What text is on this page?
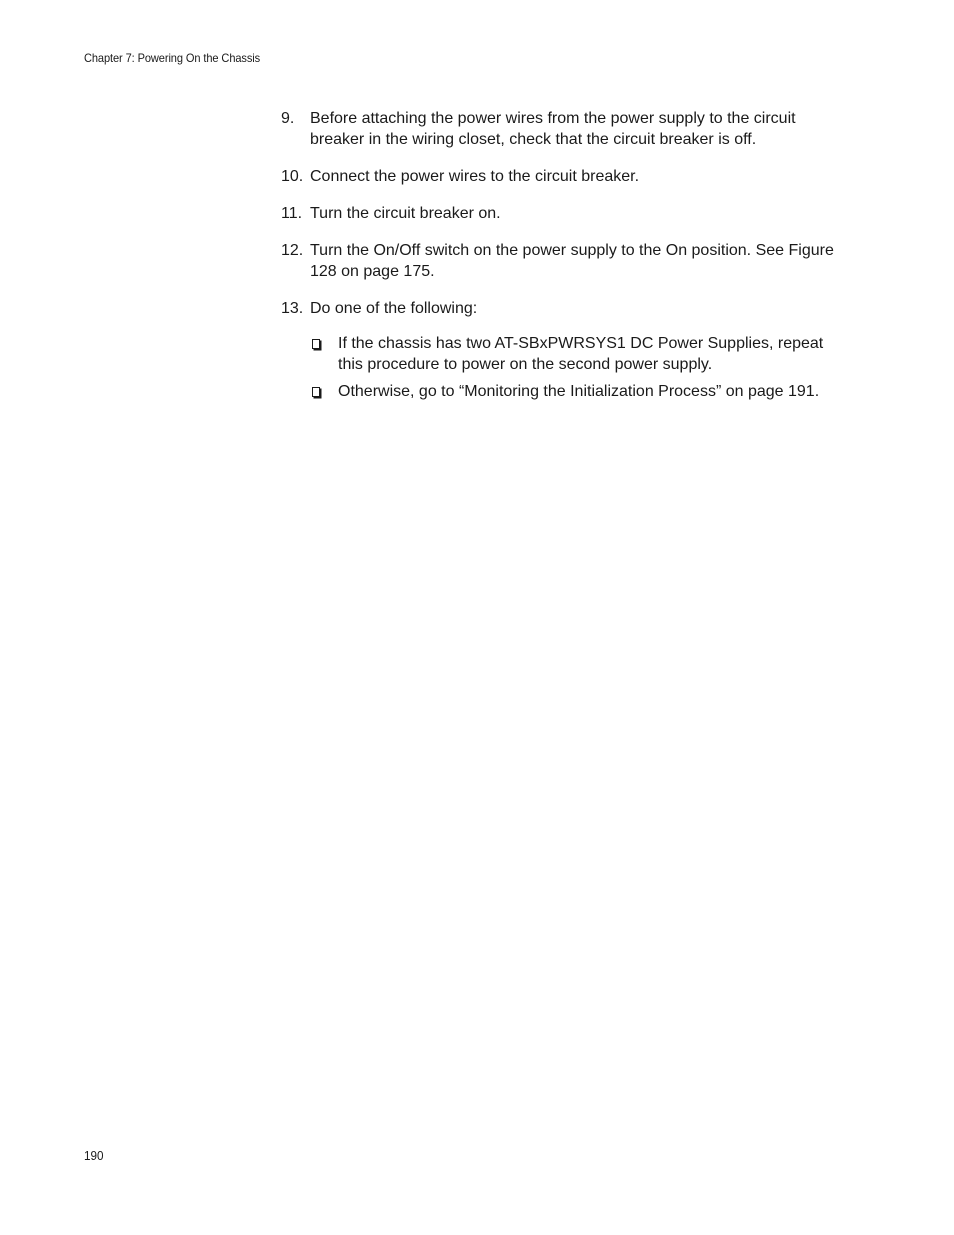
Chapter 7: Powering On the Chassis
9. Before attaching the power wires from the power supply to the circuit breaker in the wiring closet, check that the circuit breaker is off.
10. Connect the power wires to the circuit breaker.
11. Turn the circuit breaker on.
12. Turn the On/Off switch on the power supply to the On position. See Figure 128 on page 175.
13. Do one of the following:
If the chassis has two AT-SBxPWRSYS1 DC Power Supplies, repeat this procedure to power on the second power supply.
Otherwise, go to “Monitoring the Initialization Process” on page 191.
190
